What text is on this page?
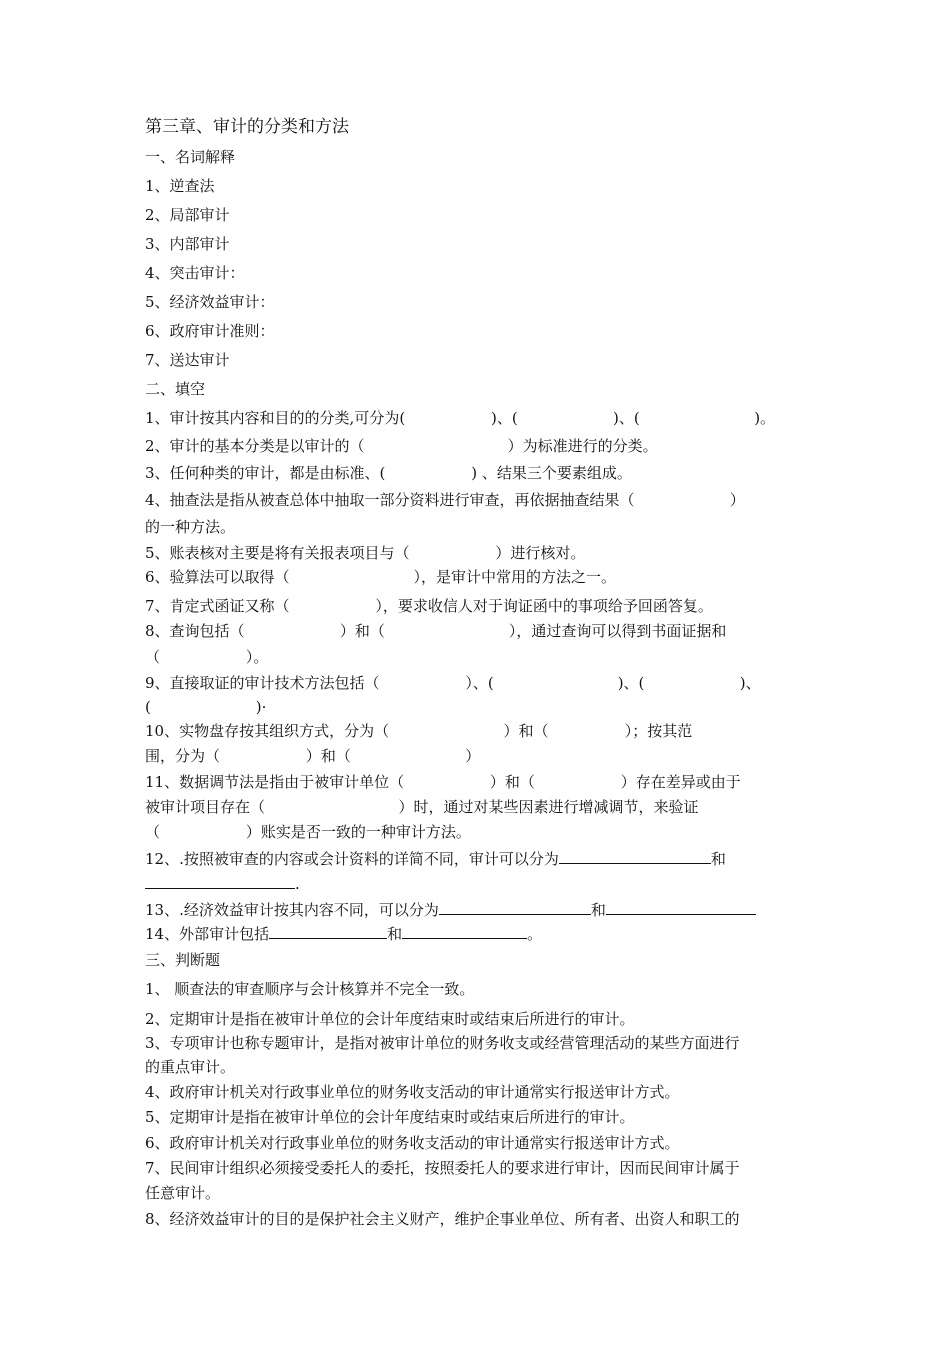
第三章、审计的分类和方法
一、名词解释
1、逆查法
2、局部审计
3、内部审计
4、突击审计：
5、经济效益审计：
6、政府审计准则：
7、送达审计
二、填空
1、审计按其内容和目的的分类,可分为(                  )、(                    )、(                        )。
2、审计的基本分类是以审计的（                              ）为标准进行的分类。
3、任何种类的审计，都是由标准、(                  ) 、结果三个要素组成。
4、抽查法是指从被查总体中抽取一部分资料进行审查，再依据抽查结果（                    ）
的一种方法。
5、账表核对主要是将有关报表项目与（                  ）进行核对。
6、验算法可以取得（                          ），是审计中常用的方法之一。
7、肯定式函证又称（                  ），要求收信人对于询证函中的事项给予回函答复。
8、查询包括（                    ）和（                          ），通过查询可以得到书面证据和
（                  ）。
9、直接取证的审计技术方法包括（                  ）、(                          )、(                    )、
(                      )·
10、实物盘存按其组织方式，分为（                        ）和（                ）；按其范
围，分为（                  ）和（                        ）
11、数据调节法是指由于被审计单位（                  ）和（                  ）存在差异或由于
被审计项目存在（                            ）时，通过对某些因素进行增减调节，来验证
（                  ）账实是否一致的一种审计方法。
12、.按照被审查的内容或会计资料的详简不同，审计可以分为	和
.
13、.经济效益审计按其内容不同，可以分为	和
14、外部审计包括	和	。
三、判断题
1、 顺查法的审查顺序与会计核算并不完全一致。
2、定期审计是指在被审计单位的会计年度结束时或结束后所进行的审计。
3、专项审计也称专题审计，是指对被审计单位的财务收支或经营管理活动的某些方面进行
的重点审计。
4、政府审计机关对行政事业单位的财务收支活动的审计通常实行报送审计方式。
5、定期审计是指在被审计单位的会计年度结束时或结束后所进行的审计。
6、政府审计机关对行政事业单位的财务收支活动的审计通常实行报送审计方式。
7、民间审计组织必须接受委托人的委托，按照委托人的要求进行审计，因而民间审计属于
任意审计。
8、经济效益审计的目的是保护社会主义财产，维护企事业单位、所有者、出资人和职工的
